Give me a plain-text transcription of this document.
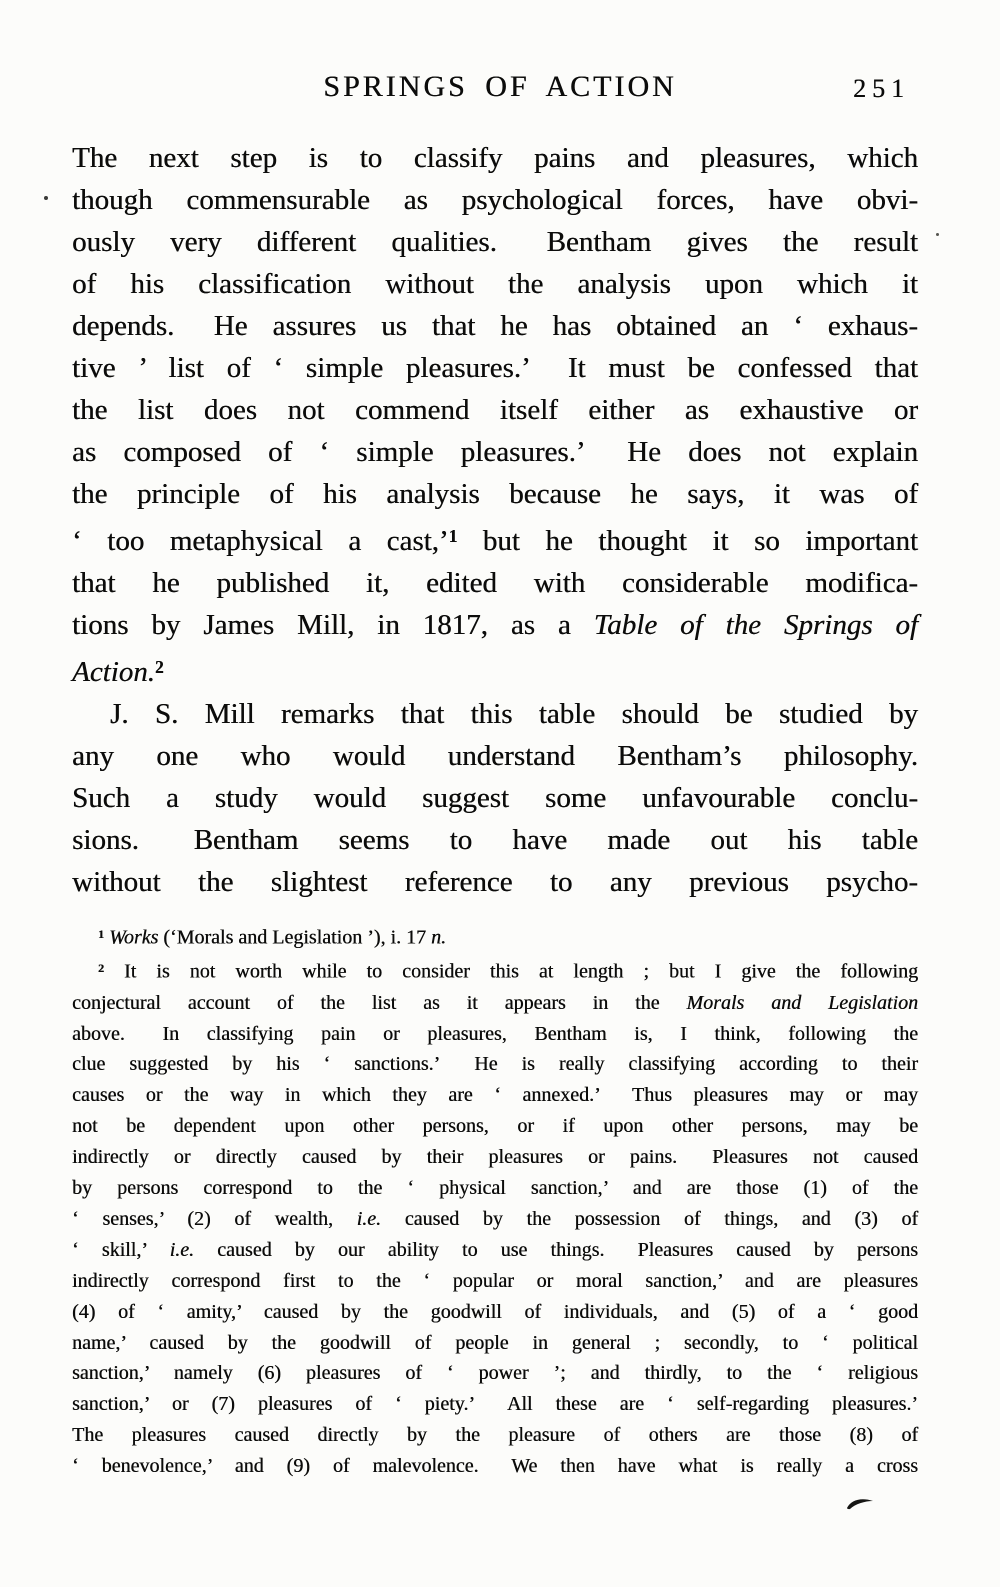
SPRINGS OF ACTION	251
The next step is to classify pains and pleasures, which
though commensurable as psychological forces, have obvi-
ously very different qualities.  Bentham gives the result
of his classification without the analysis upon which it
depends.  He assures us that he has obtained an ‘ exhaus-
tive ’ list of ‘ simple pleasures.’  It must be confessed that
the list does not commend itself either as exhaustive or
as composed of ‘ simple pleasures.’  He does not explain
the principle of his analysis because he says, it was of
‘ too metaphysical a cast,’$^1$ but he thought it so important
that he published it, edited with considerable modifica-
tions by James Mill, in 1817, as a Table of the Springs of
Action.$^2$
J. S. Mill remarks that this table should be studied by
any one who would understand Bentham’s philosophy.
Such a study would suggest some unfavourable conclu-
sions.  Bentham seems to have made out his table
without the slightest reference to any previous psycho-
$^1$ Works (‘Morals and Legislation ’), i. 17 n.
$^2$ It is not worth while to consider this at length ; but I give the following
conjectural account of the list as it appears in the Morals and Legislation
above.  In classifying pain or pleasures, Bentham is, I think, following the
clue suggested by his ‘ sanctions.’  He is really classifying according to their
causes or the way in which they are ‘ annexed.’  Thus pleasures may or may
not be dependent upon other persons, or if upon other persons, may be
indirectly or directly caused by their pleasures or pains.  Pleasures not caused
by persons correspond to the ‘ physical sanction,’ and are those (1) of the
‘ senses,’ (2) of wealth, i.e. caused by the possession of things, and (3) of
‘ skill,’ i.e. caused by our ability to use things.  Pleasures caused by persons
indirectly correspond first to the ‘ popular or moral sanction,’ and are pleasures
(4) of ‘ amity,’ caused by the goodwill of individuals, and (5) of a ‘ good
name,’ caused by the goodwill of people in general ; secondly, to ‘ political
sanction,’ namely (6) pleasures of ‘ power ’; and thirdly, to the ‘ religious
sanction,’ or (7) pleasures of ‘ piety.’  All these are ‘ self-regarding pleasures.’
The pleasures caused directly by the pleasure of others are those (8) of
‘ benevolence,’ and (9) of malevolence.  We then have what is really a cross
